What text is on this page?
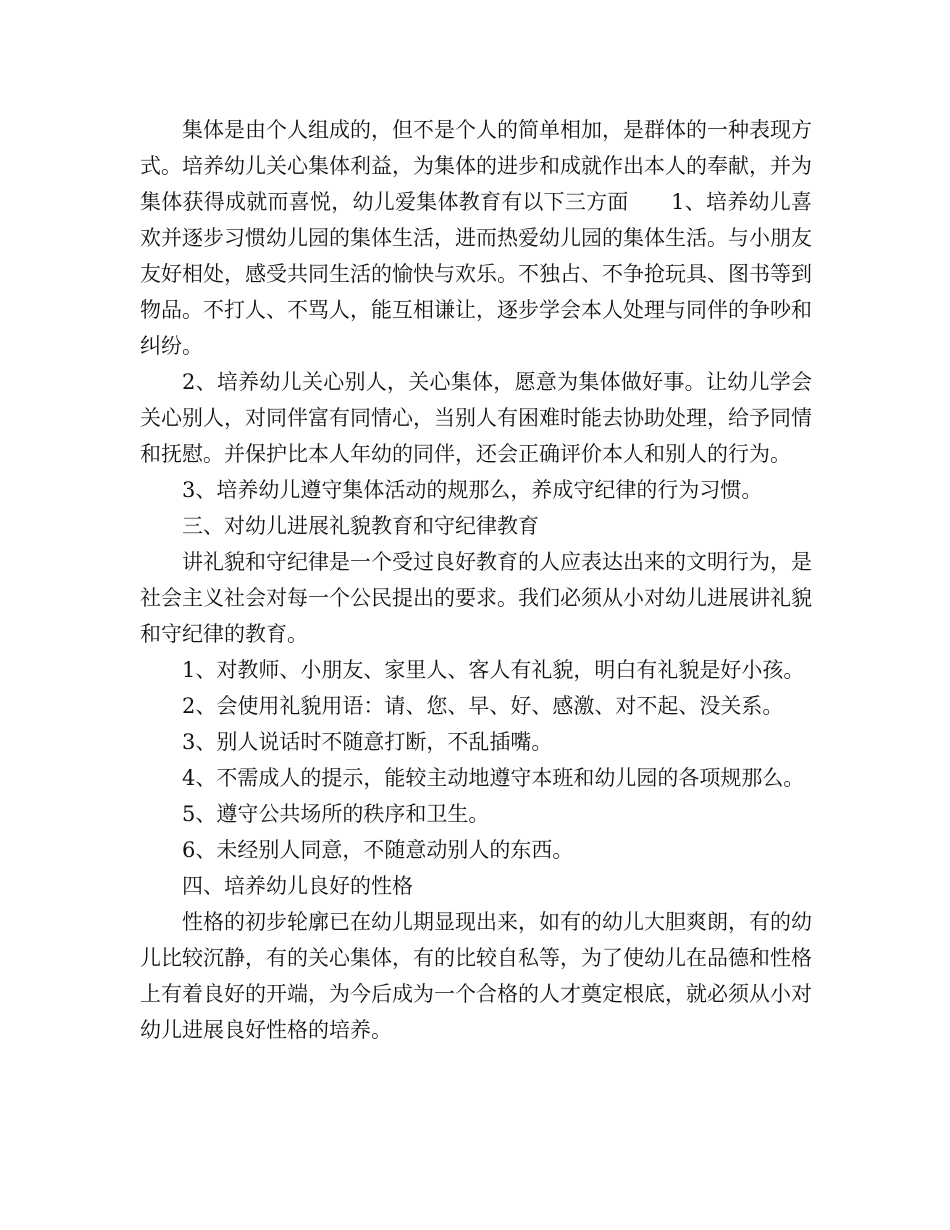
集体是由个人组成的，但不是个人的简单相加，是群体的一种表现方式。培养幼儿关心集体利益，为集体的进步和成就作出本人的奉献，并为集体获得成就而喜悦，幼儿爱集体教育有以下三方面　　1、培养幼儿喜欢并逐步习惯幼儿园的集体生活，进而热爱幼儿园的集体生活。与小朋友友好相处，感受共同生活的愉快与欢乐。不独占、不争抢玩具、图书等到物品。不打人、不骂人，能互相谦让，逐步学会本人处理与同伴的争吵和纠纷。

2、培养幼儿关心别人，关心集体，愿意为集体做好事。让幼儿学会关心别人，对同伴富有同情心，当别人有困难时能去协助处理，给予同情和抚慰。并保护比本人年幼的同伴，还会正确评价本人和别人的行为。

3、培养幼儿遵守集体活动的规那么，养成守纪律的行为习惯。

三、对幼儿进展礼貌教育和守纪律教育

讲礼貌和守纪律是一个受过良好教育的人应表达出来的文明行为，是社会主义社会对每一个公民提出的要求。我们必须从小对幼儿进展讲礼貌和守纪律的教育。

1、对教师、小朋友、家里人、客人有礼貌，明白有礼貌是好小孩。

2、会使用礼貌用语：请、您、早、好、感激、对不起、没关系。

3、别人说话时不随意打断，不乱插嘴。

4、不需成人的提示，能较主动地遵守本班和幼儿园的各项规那么。

5、遵守公共场所的秩序和卫生。

6、未经别人同意，不随意动别人的东西。

四、培养幼儿良好的性格

性格的初步轮廓已在幼儿期显现出来，如有的幼儿大胆爽朗，有的幼儿比较沉静，有的关心集体，有的比较自私等，为了使幼儿在品德和性格上有着良好的开端，为今后成为一个合格的人才奠定根底，就必须从小对幼儿进展良好性格的培养。
